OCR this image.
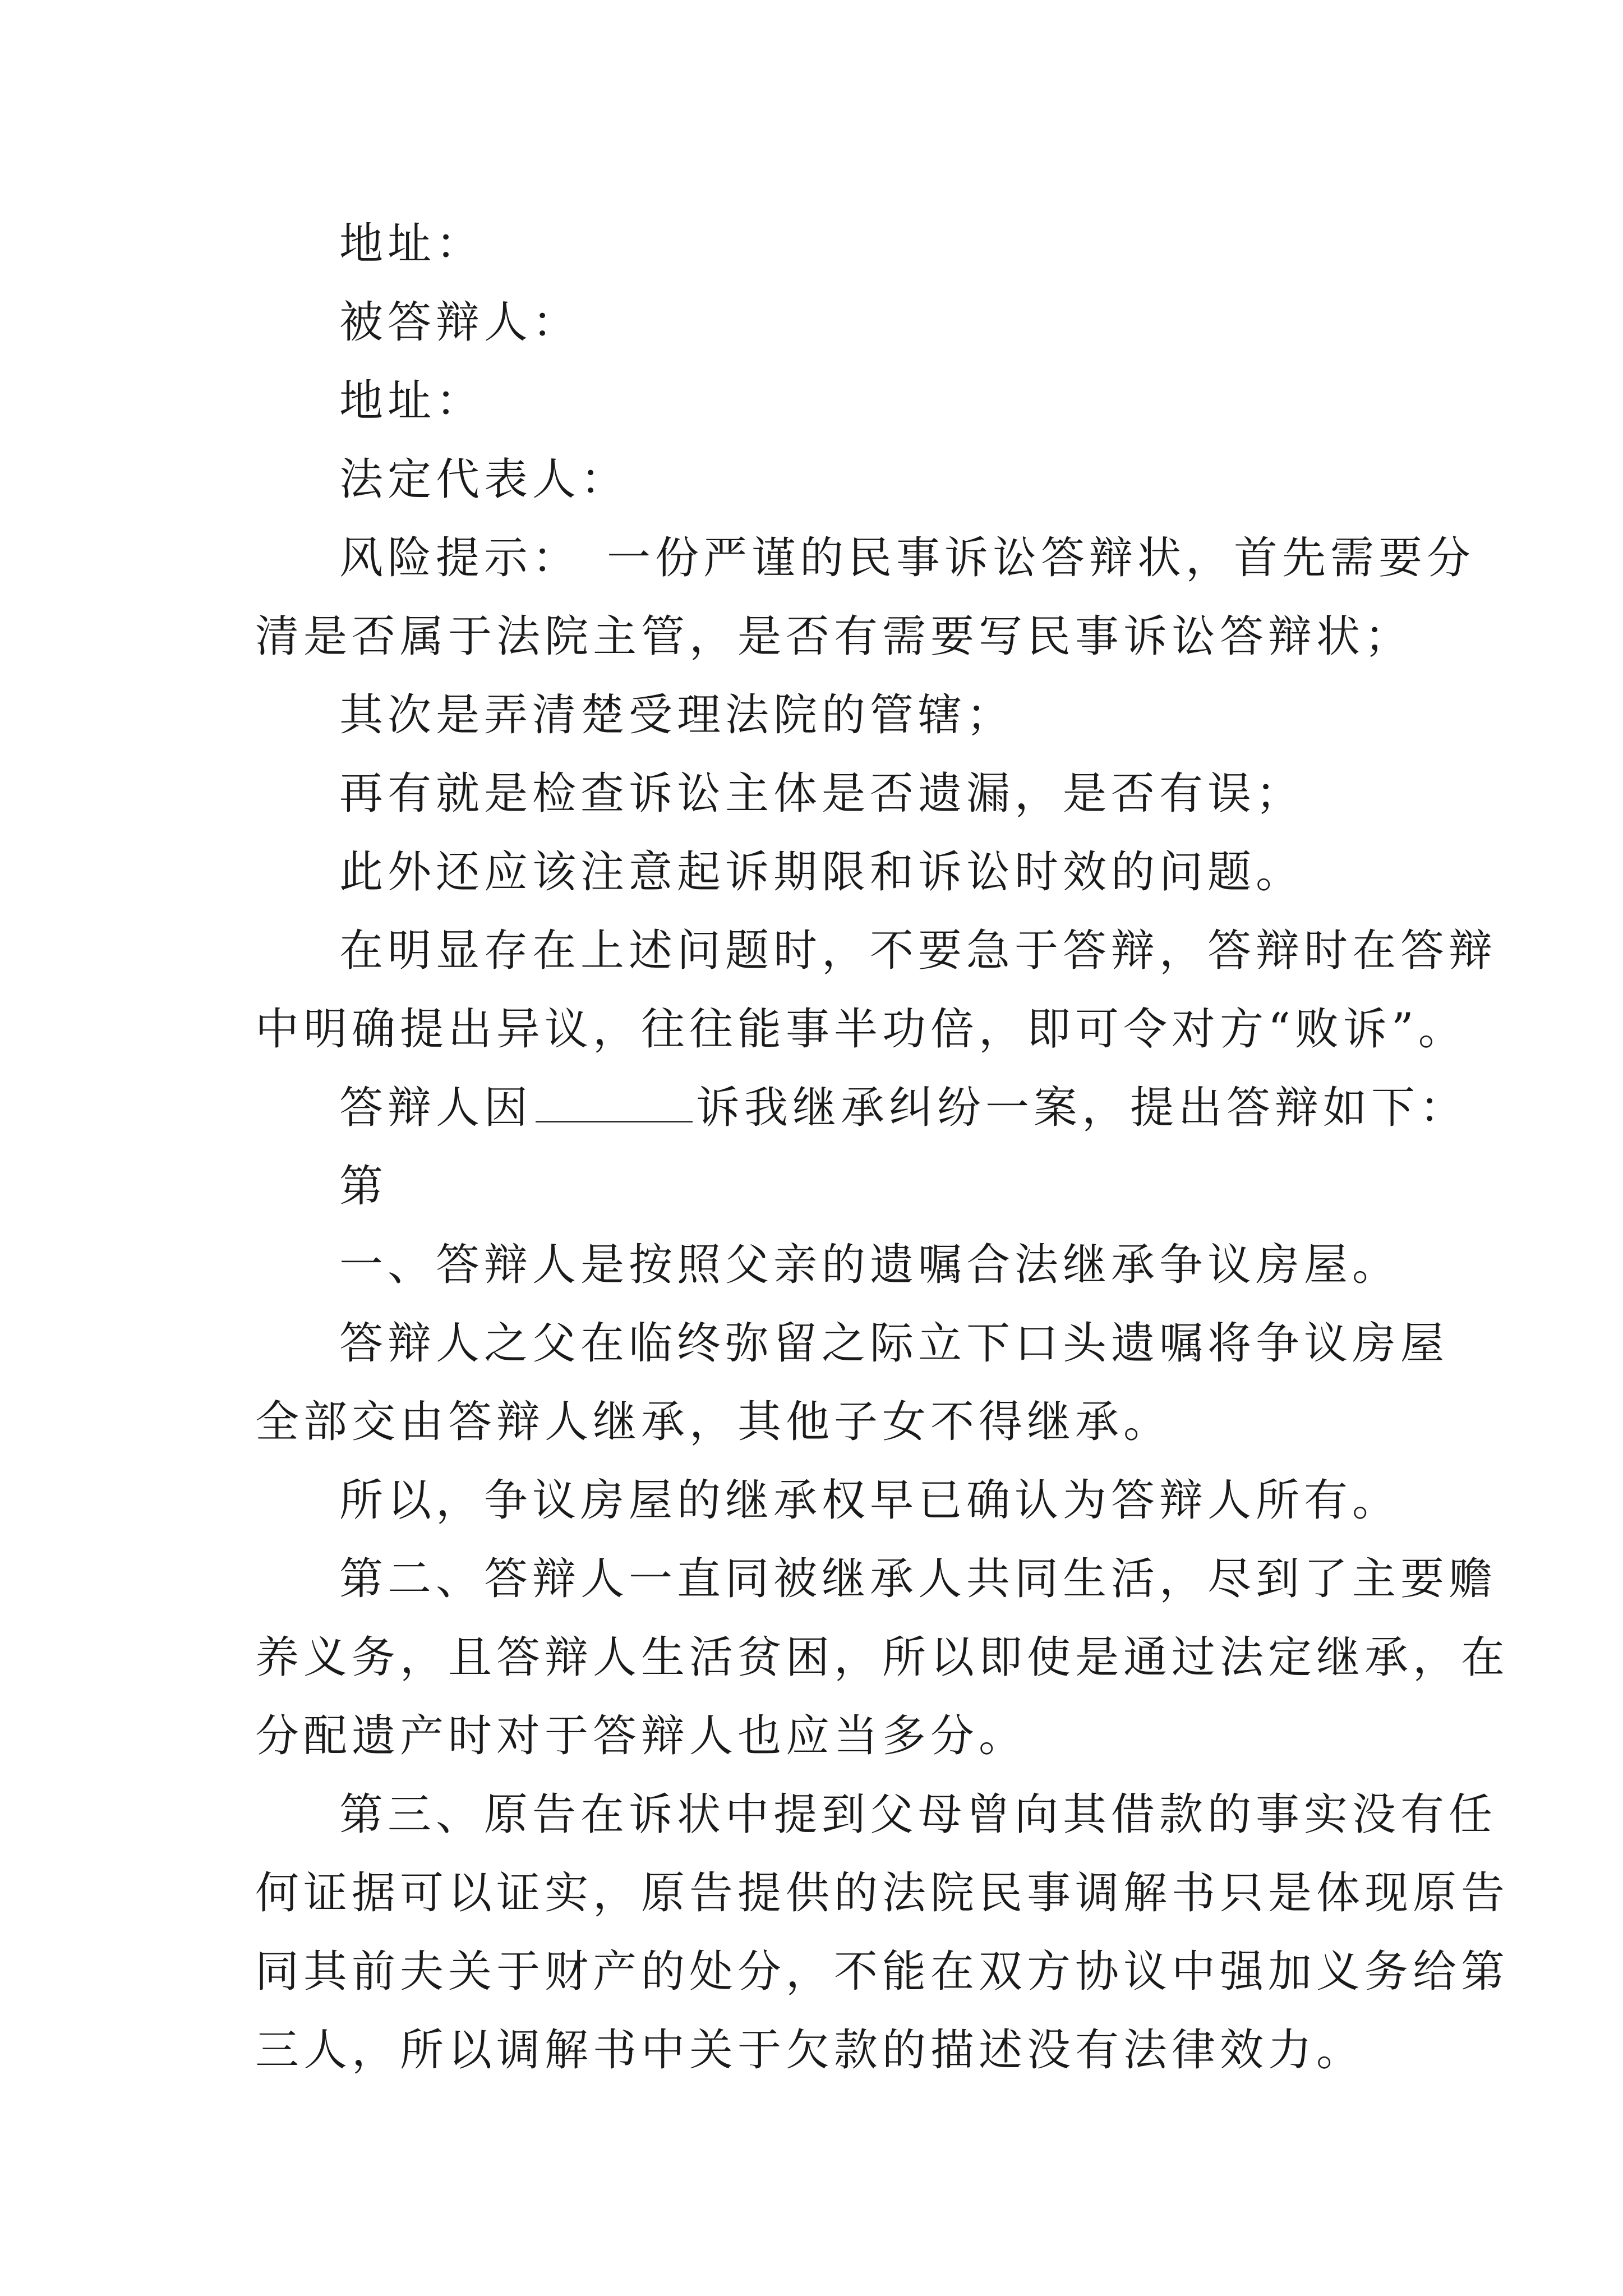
地址：
被答辩人：
地址：
法定代表人：
风险提示：　一份严谨的民事诉讼答辩状，首先需要分
清是否属于法院主管，是否有需要写民事诉讼答辩状；
其次是弄清楚受理法院的管辖；
再有就是检查诉讼主体是否遗漏，是否有误；
此外还应该注意起诉期限和诉讼时效的问题。
在明显存在上述问题时，不要急于答辩，答辩时在答辩
中明确提出异议，往往能事半功倍，即可令对方“败诉”。
答辩人因	诉我继承纠纷一案，提出答辩如下：
第
一、答辩人是按照父亲的遗嘱合法继承争议房屋。
答辩人之父在临终弥留之际立下口头遗嘱将争议房屋
全部交由答辩人继承，其他子女不得继承。
所以，争议房屋的继承权早已确认为答辩人所有。
第二、答辩人一直同被继承人共同生活，尽到了主要赡
养义务，且答辩人生活贫困，所以即使是通过法定继承，在
分配遗产时对于答辩人也应当多分。
第三、原告在诉状中提到父母曾向其借款的事实没有任
何证据可以证实，原告提供的法院民事调解书只是体现原告
同其前夫关于财产的处分，不能在双方协议中强加义务给第
三人，所以调解书中关于欠款的描述没有法律效力。
